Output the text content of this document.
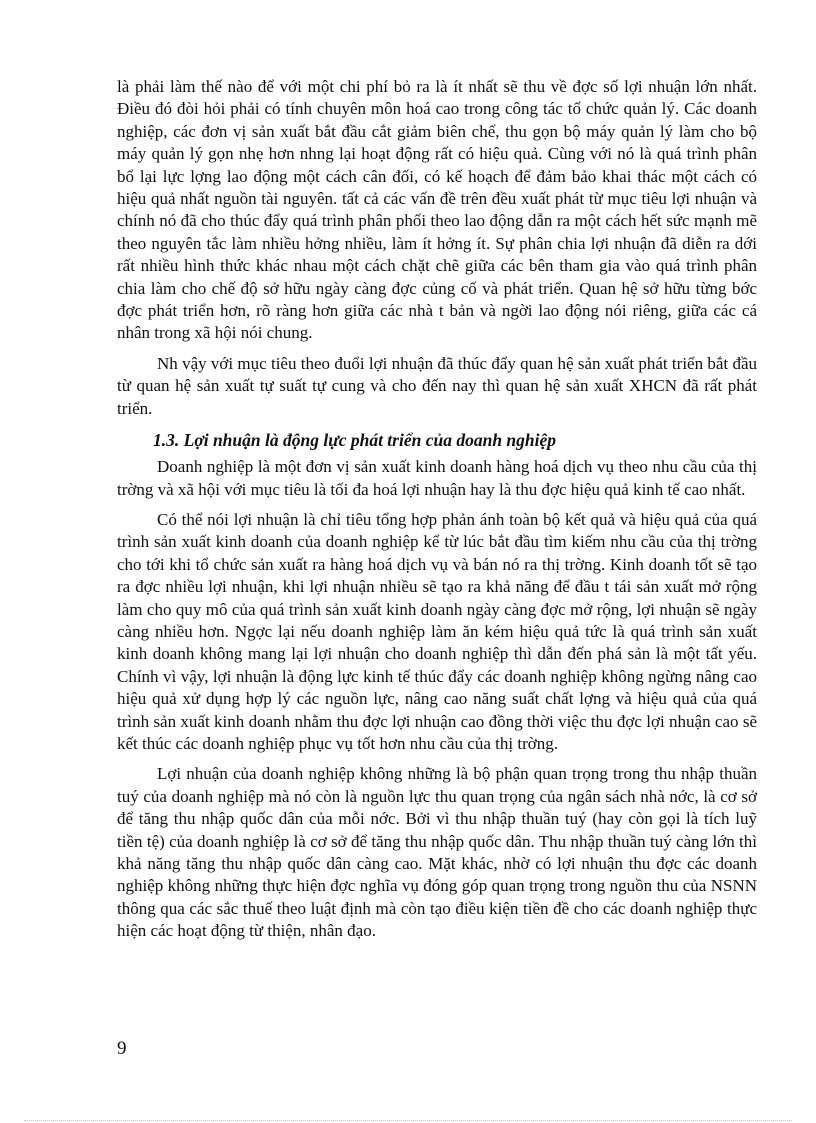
là phải làm thế nào để với một chi phí bỏ ra là ít nhất sẽ thu về đợc số lợi nhuận lớn nhất. Điều đó đòi hỏi phải có tính chuyên môn hoá cao trong công tác tổ chức quản lý. Các doanh nghiệp, các đơn vị sản xuất bắt đầu cắt giảm biên chế, thu gọn bộ máy quản lý làm cho bộ máy quản lý gọn nhẹ hơn nhng lại hoạt động rất có hiệu quả. Cùng với nó là quá trình phân bổ lại lực lợng lao động một cách cân đối, có kế hoạch để đảm bảo khai thác một cách có hiệu quả nhất nguồn tài nguyên. tất cả các vấn đề trên đều xuất phát từ mục tiêu lợi nhuận và chính nó đã cho thúc đẩy quá trình phân phối theo lao động dẫn ra một cách hết sức mạnh mẽ theo nguyên tắc làm nhiều hởng nhiều, làm ít hởng ít. Sự phân chia lợi nhuận đã diễn ra dới rất nhiều hình thức khác nhau một cách chặt chẽ giữa các bên tham gia vào quá trình phân chia làm cho chế độ sở hữu ngày càng đợc củng cố và phát triển. Quan hệ sở hữu từng bớc đợc phát triển hơn, rõ ràng hơn giữa các nhà t bản và ngời lao động nói riêng, giữa các cá nhân trong xã hội nói chung.

Nh vậy với mục tiêu theo đuổi lợi nhuận đã thúc đẩy quan hệ sản xuất phát triển bắt đầu từ quan hệ sản xuất tự suất tự cung và cho đến nay thì quan hệ sản xuất XHCN đã rất phát triển.

1.3. Lợi nhuận là động lực phát triển của doanh nghiệp

Doanh nghiệp là một đơn vị sản xuất kinh doanh hàng hoá dịch vụ theo nhu cầu của thị trờng và xã hội với mục tiêu là tối đa hoá lợi nhuận hay là thu đợc hiệu quả kinh tế cao nhất.

Có thể nói lợi nhuận là chỉ tiêu tổng hợp phản ánh toàn bộ kết quả và hiệu quả của quá trình sản xuất kinh doanh của doanh nghiệp kể từ lúc bắt đầu tìm kiếm nhu cầu của thị trờng cho tới khi tổ chức sản xuất ra hàng hoá dịch vụ và bán nó ra thị trờng. Kinh doanh tốt sẽ tạo ra đợc nhiều lợi nhuận, khi lợi nhuận nhiều sẽ tạo ra khả năng để đầu t tái sản xuất mở rộng làm cho quy mô của quá trình sản xuất kinh doanh ngày càng đợc mở rộng, lợi nhuận sẽ ngày càng nhiều hơn. Ngợc lại nếu doanh nghiệp làm ăn kém hiệu quả tức là quá trình sản xuất kinh doanh không mang lại lợi nhuận cho doanh nghiệp thì dẫn đến phá sản là một tất yếu. Chính vì vậy, lợi nhuận là động lực kinh tế thúc đẩy các doanh nghiệp không ngừng nâng cao hiệu quả xử dụng hợp lý các nguồn lực, nâng cao năng suất chất lợng và hiệu quả của quá trình sản xuất kinh doanh nhằm thu đợc lợi nhuận cao đồng thời việc thu đợc lợi nhuận cao sẽ kết thúc các doanh nghiệp phục vụ tốt hơn nhu cầu của thị trờng.

Lợi nhuận của doanh nghiệp không những là bộ phận quan trọng trong thu nhập thuần tuý của doanh nghiệp mà nó còn là nguồn lực thu quan trọng của ngân sách nhà nớc, là cơ sở để tăng thu nhập quốc dân của mỗi nớc. Bởi vì thu nhập thuần tuý (hay còn gọi là tích luỹ tiền tệ) của doanh nghiệp là cơ sở để tăng thu nhập quốc dân. Thu nhập thuần tuý càng lớn thì khả năng tăng thu nhập quốc dân càng cao. Mặt khác, nhờ có lợi nhuận thu đợc các doanh nghiệp không những thực hiện đợc nghĩa vụ đóng góp quan trọng trong nguồn thu của NSNN thông qua các sắc thuế theo luật định mà còn tạo điều kiện tiền đề cho các doanh nghiệp thực hiện các hoạt động từ thiện, nhân đạo.

9
